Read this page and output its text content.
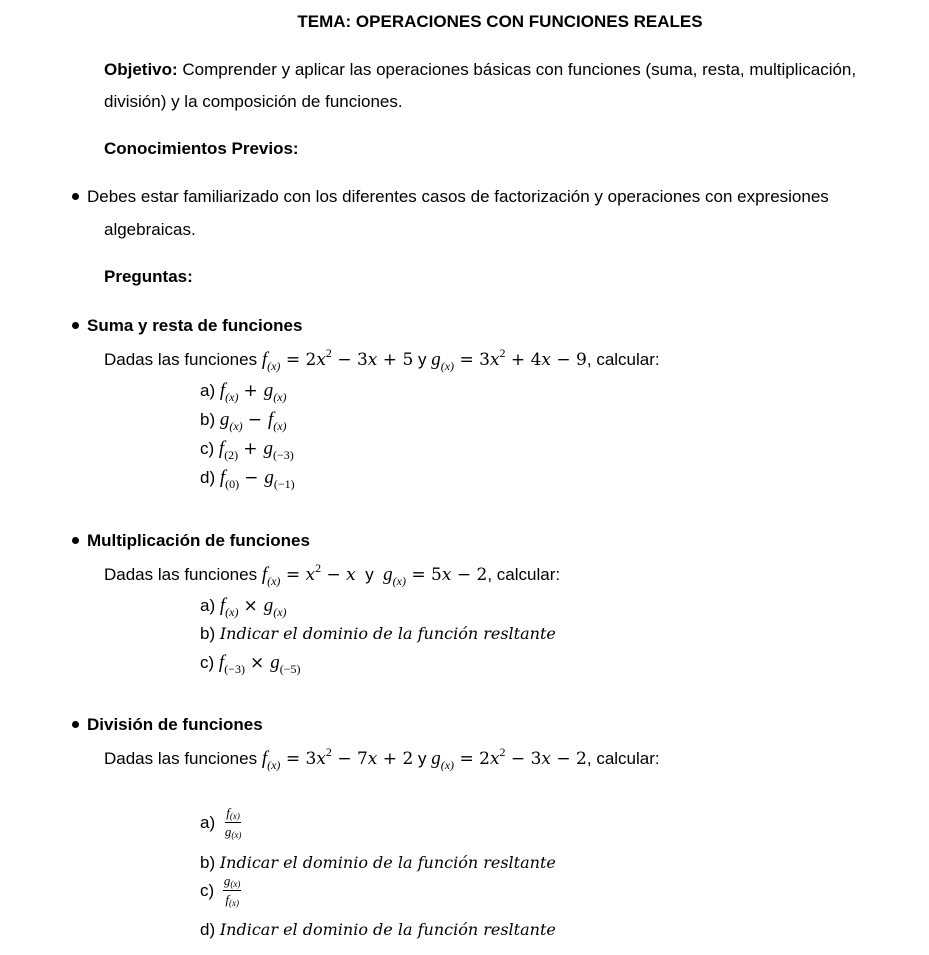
TEMA: OPERACIONES CON FUNCIONES REALES
Objetivo: Comprender y aplicar las operaciones básicas con funciones (suma, resta, multiplicación,
división) y la composición de funciones.
Conocimientos Previos:
Debes estar familiarizado con los diferentes casos de factorización y operaciones con expresiones
algebraicas.
Preguntas:
Suma y resta de funciones
Dadas las funciones $f_{(x)} = 2x^2 - 3x + 5$ y $g_{(x)} = 3x^2 + 4x - 9$, calcular:
a) $f_{(x)} + g_{(x)}$
b) $g_{(x)} - f_{(x)}$
c) $f_{(2)} + g_{(-3)}$
d) $f_{(0)} - g_{(-1)}$
Multiplicación de funciones
Dadas las funciones $f_{(x)} = x^2 - x$  y  $g_{(x)} = 5x - 2$, calcular:
a) $f_{(x)} \times g_{(x)}$
b) Indicar el dominio de la función resltante
c) $f_{(-3)} \times g_{(-5)}$
División de funciones
Dadas las funciones $f_{(x)} = 3x^2 - 7x + 2$ y $g_{(x)} = 2x^2 - 3x - 2$, calcular:
$a) \frac{f(x)}{g(x)}$
b) Indicar el dominio de la función resltante
$c) \frac{g(x)}{f(x)}$
d) Indicar el dominio de la función resltante
